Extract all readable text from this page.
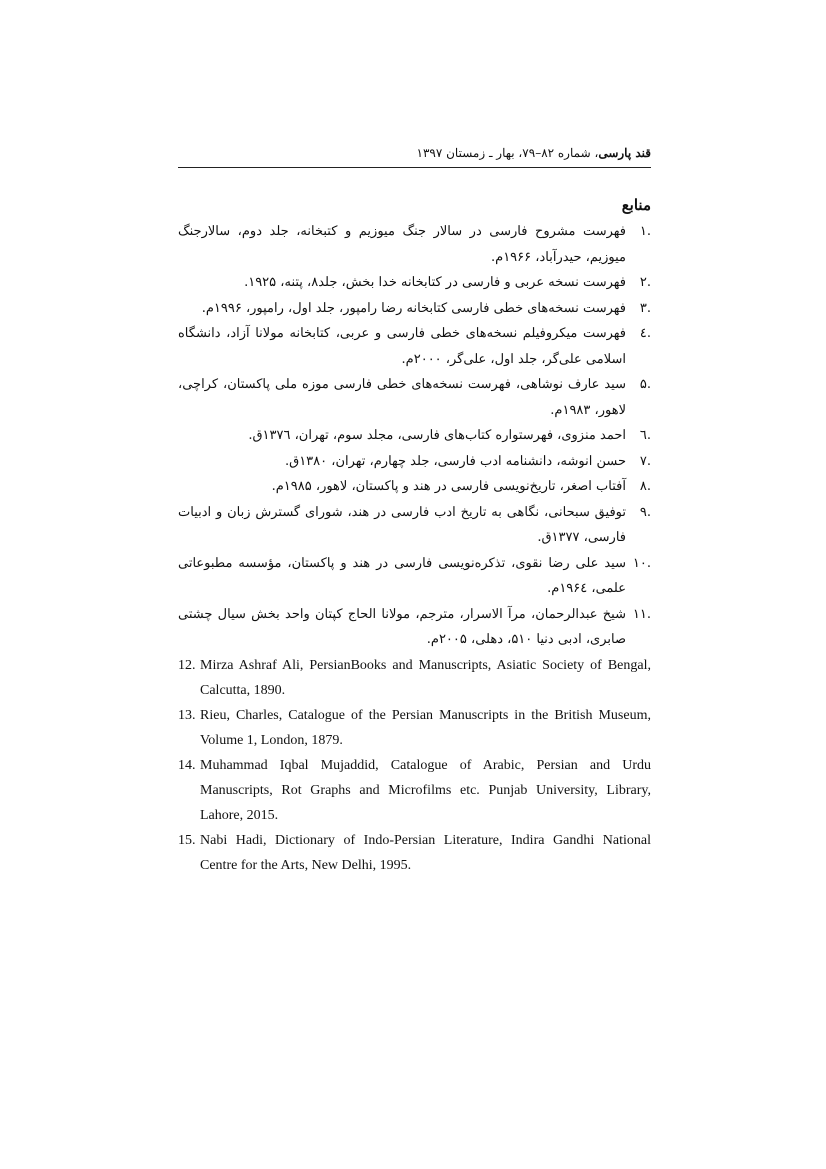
قند پارسی، شماره ۸۲–۷۹، بهار ـ زمستان ۱۳۹۷
منابع
.۱
فهرست مشروح فارسی در سالار جنگ میوزیم و کتبخانه، جلد دوم، سالارجنگ میوزیم، حیدرآباد، ۱۹۶۶م.
.۲
فهرست نسخه عربی و فارسی در کتابخانه خدا بخش، جلد۸، پتنه، ۱۹۲۵.
.۳
فهرست نسخه‌های خطی فارسی کتابخانه رضا رامپور، جلد اول، رامپور، ۱۹۹۶م.
.٤
فهرست میکروفیلم نسخه‌های خطی فارسی و عربی، کتابخانه مولانا آزاد، دانشگاه اسلامی علی‌گر، جلد اول، علی‌گر، ۲۰۰۰م.
.۵
سید عارف نوشاهی، فهرست نسخه‌های خطی فارسی موزه ملی پاکستان، کراچی، لاهور، ۱۹۸۳م.
.٦
احمد منزوی، فهرستواره کتاب‌های فارسی، مجلد سوم، تهران، ۱۳۷٦ق.
.۷
حسن انوشه، دانشنامه ادب فارسی، جلد چهارم، تهران، ۱۳۸۰ق.
.۸
آفتاب اصغر، تاریخ‌نویسی فارسی در هند و پاکستان، لاهور، ۱۹۸۵م.
.۹
توفیق سبحانی، نگاهی به تاریخ ادب فارسی در هند، شورای گسترش زبان و ادبیات فارسی، ۱۳۷۷ق.
.۱۰
سید علی رضا نقوی، تذکره‌نویسی فارسی در هند و پاکستان، مؤسسه مطبوعاتی علمی، ۱۹۶٤م.
.۱۱
شیخ عبدالرحمان، مرآ الاسرار، مترجم، مولانا الحاج کپتان واحد بخش سیال چشتی صابری، ادبی دنیا ۵۱۰، دهلی، ۲۰۰۵م.
12. Mirza Ashraf Ali, PersianBooks and Manuscripts, Asiatic Society of Bengal, Calcutta, 1890.
13. Rieu, Charles, Catalogue of the Persian Manuscripts in the British Museum, Volume 1, London, 1879.
14. Muhammad Iqbal Mujaddid, Catalogue of Arabic, Persian and Urdu Manuscripts, Rot Graphs and Microfilms etc. Punjab University, Library, Lahore, 2015.
15. Nabi Hadi, Dictionary of Indo-Persian Literature, Indira Gandhi National Centre for the Arts, New Delhi, 1995.
